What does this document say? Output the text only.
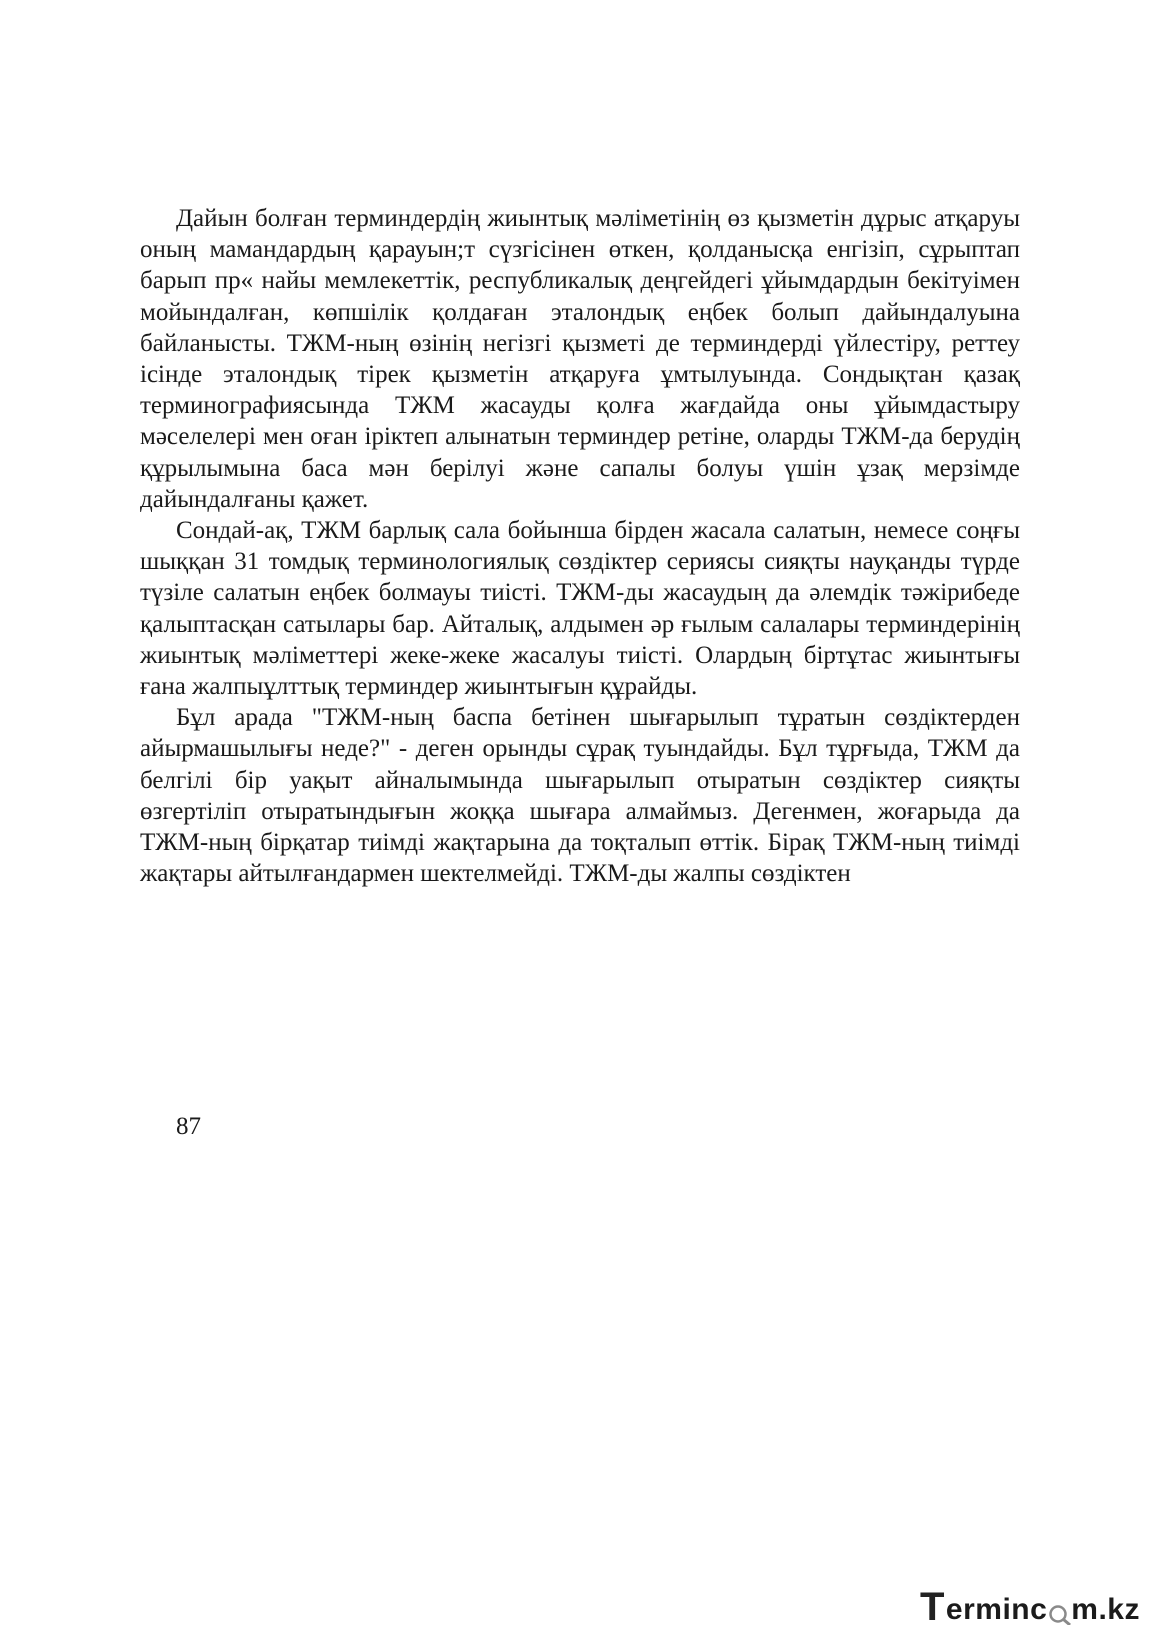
Дайын болған терминдердің жиынтық мәліметінің өз қызметін дұрыс атқаруы оның мамандардың қарауын;т сүзгісінен өткен, қолданысқа енгізіп, сұрыптап барып пр« найы мемлекеттік, республикалық деңгейдегі ұйымдардын бекітуімен мойындалған, көпшілік қолдаған эталондық еңбек болып дайындалуына байланысты. ТЖМ-ның өзінің негізгі қызметі де терминдерді үйлестіру, реттеу ісінде эталондық тірек қызметін атқаруға ұмтылуында. Сондықтан қазақ терминографиясында ТЖМ жасауды қолға жағдайда оны ұйымдастыру мәселелері мен оған іріктеп алынатын терминдер ретіне, оларды ТЖМ-да берудің құрылымына баса мән берілуі және сапалы болуы үшін ұзақ мерзімде дайындалғаны қажет.

Сондай-ақ, ТЖМ барлық сала бойынша бірден жасала салатын, немесе соңғы шыққан 31 томдық терминологиялық сөздіктер сериясы сияқты науқанды түрде түзіле салатын еңбек болмауы тиісті. ТЖМ-ды жасаудың да әлемдік тәжірибеде қалыптасқан сатылары бар. Айталық, алдымен әр ғылым салалары терминдерінің жиынтық мәліметтері жеке-жеке жасалуы тиісті. Олардың біртұтас жиынтығы ғана жалпыұлттық терминдер жиынтығын құрайды.

Бұл арада "ТЖМ-ның баспа бетінен шығарылып тұратын сөздіктерден айырмашылығы неде?" - деген орынды сұрақ туындайды. Бұл тұрғыда, ТЖМ да белгілі бір уақыт айналымында шығарылып отыратын сөздіктер сияқты өзгертіліп отыратындығын жоққа шығара алмаймыз. Дегенмен, жоғарыда да ТЖМ-ның бірқатар тиімді жақтарына да тоқталып өттік. Бірақ ТЖМ-ның тиімді жақтары айтылғандармен шектелмейді. ТЖМ-ды жалпы сөздіктен

87
T erminc m.kz
